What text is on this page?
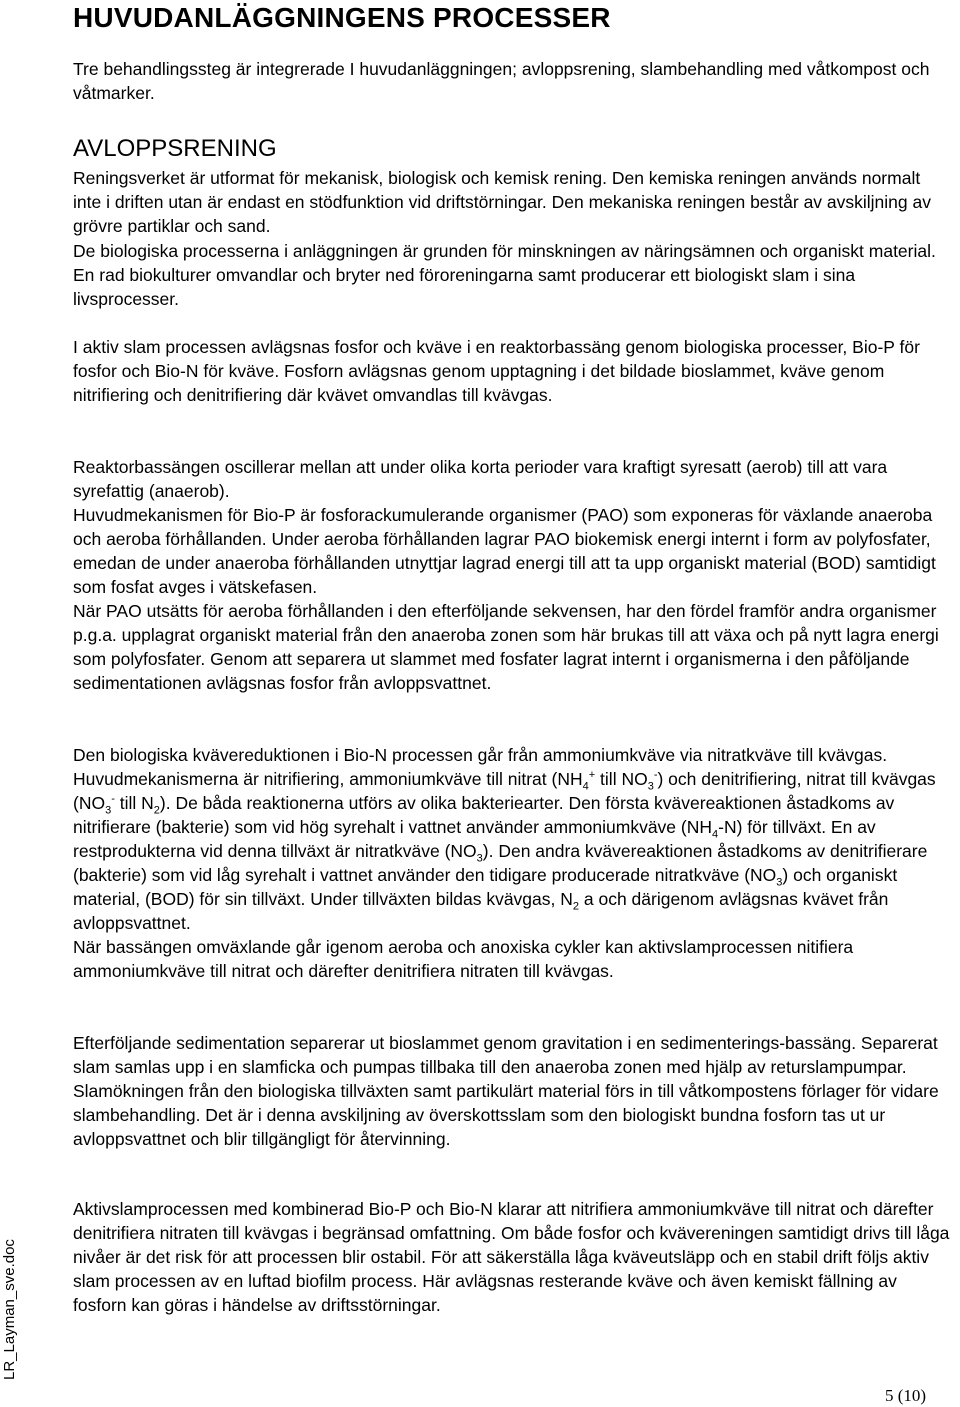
HUVUDANLÄGGNINGENS PROCESSER

Tre behandlingssteg är integrerade I huvudanläggningen; avloppsrening, slambehandling med våtkompost och våtmarker.

AVLOPPSRENING

Reningsverket är utformat för mekanisk, biologisk och kemisk rening. Den kemiska reningen används normalt inte i driften utan är endast en stödfunktion vid driftstörningar. Den mekaniska reningen består av avskiljning av grövre partiklar och sand.

De biologiska processerna i anläggningen är grunden för minskningen av näringsämnen och organiskt material. En rad biokulturer omvandlar och bryter ned föroreningarna samt producerar ett biologiskt slam i sina livsprocesser.

I aktiv slam processen avlägsnas fosfor och kväve i en reaktorbassäng genom biologiska processer, Bio-P för fosfor och Bio-N för kväve. Fosforn avlägsnas genom upptagning i det bildade bioslammet, kväve genom nitrifiering och denitrifiering där kvävet omvandlas till kvävgas.

Reaktorbassängen oscillerar mellan att under olika korta perioder vara kraftigt syresatt (aerob) till att vara syrefattig (anaerob).

Huvudmekanismen för Bio-P är fosforackumulerande organismer (PAO) som exponeras för växlande anaeroba och aeroba förhållanden. Under aeroba förhållanden lagrar PAO biokemisk energi internt i form av polyfosfater, emedan de under anaeroba förhållanden utnyttjar lagrad energi till att ta upp organiskt material (BOD) samtidigt som fosfat avges i vätskefasen.

När PAO utsätts för aeroba förhållanden i den efterföljande sekvensen, har den fördel framför andra organismer p.g.a. upplagrat organiskt material från den anaeroba zonen som här brukas till att växa och på nytt lagra energi som polyfosfater. Genom att separera ut slammet med fosfater lagrat internt i organismerna i den påföljande sedimentationen avlägsnas fosfor från avloppsvattnet.

Den biologiska kvävereduktionen i Bio-N processen går från ammoniumkväve via nitratkväve till kvävgas. Huvudmekanismerna är nitrifiering, ammoniumkväve till nitrat ($NH_4^+$ till $NO_3^-$) och denitrifiering, nitrat till kvävgas ($NO_3^-$ till $N_2$). De båda reaktionerna utförs av olika bakteriearter. Den första kvävereaktionen åstadkoms av nitrifierare (bakterie) som vid hög syrehalt i vattnet använder ammoniumkväve $(NH_4-N)$ för tillväxt. En av restprodukterna vid denna tillväxt är nitratkväve $(NO_3)$. Den andra kvävereaktionen åstadkoms av denitrifierare (bakterie) som vid låg syrehalt i vattnet använder den tidigare producerade nitratkväve $(NO_3)$ och organiskt material, (BOD) för sin tillväxt. Under tillväxten bildas kvävgas, $N_2$ a och därigenom avlägsnas kvävet från avloppsvattnet.

När bassängen omväxlande går igenom aeroba och anoxiska cykler kan aktivslamprocessen nitifiera ammoniumkväve till nitrat och därefter denitrifiera nitraten till kvävgas.

Efterföljande sedimentation separerar ut bioslammet genom gravitation i en sedimenterings-bassäng. Separerat slam samlas upp i en slamficka och pumpas tillbaka till den anaeroba zonen med hjälp av returslampumpar. Slamökningen från den biologiska tillväxten samt partikulärt material förs in till våtkompostens förlager för vidare slambehandling. Det är i denna avskiljning av överskottsslam som den biologiskt bundna fosforn tas ut ur avloppsvattnet och blir tillgängligt för återvinning.

Aktivslamprocessen med kombinerad Bio-P och Bio-N klarar att nitrifiera ammoniumkväve till nitrat och därefter denitrifiera nitraten till kvävgas i begränsad omfattning. Om både fosfor och kvävereningen samtidigt drivs till låga nivåer är det risk för att processen blir ostabil. För att säkerställa låga kväveutsläpp och en stabil drift följs aktiv slam processen av en luftad biofilm process. Här avlägsnas resterande kväve och även kemiskt fällning av fosforn kan göras i händelse av driftsstörningar.

LR_Layman_sve.doc
5 (10)
